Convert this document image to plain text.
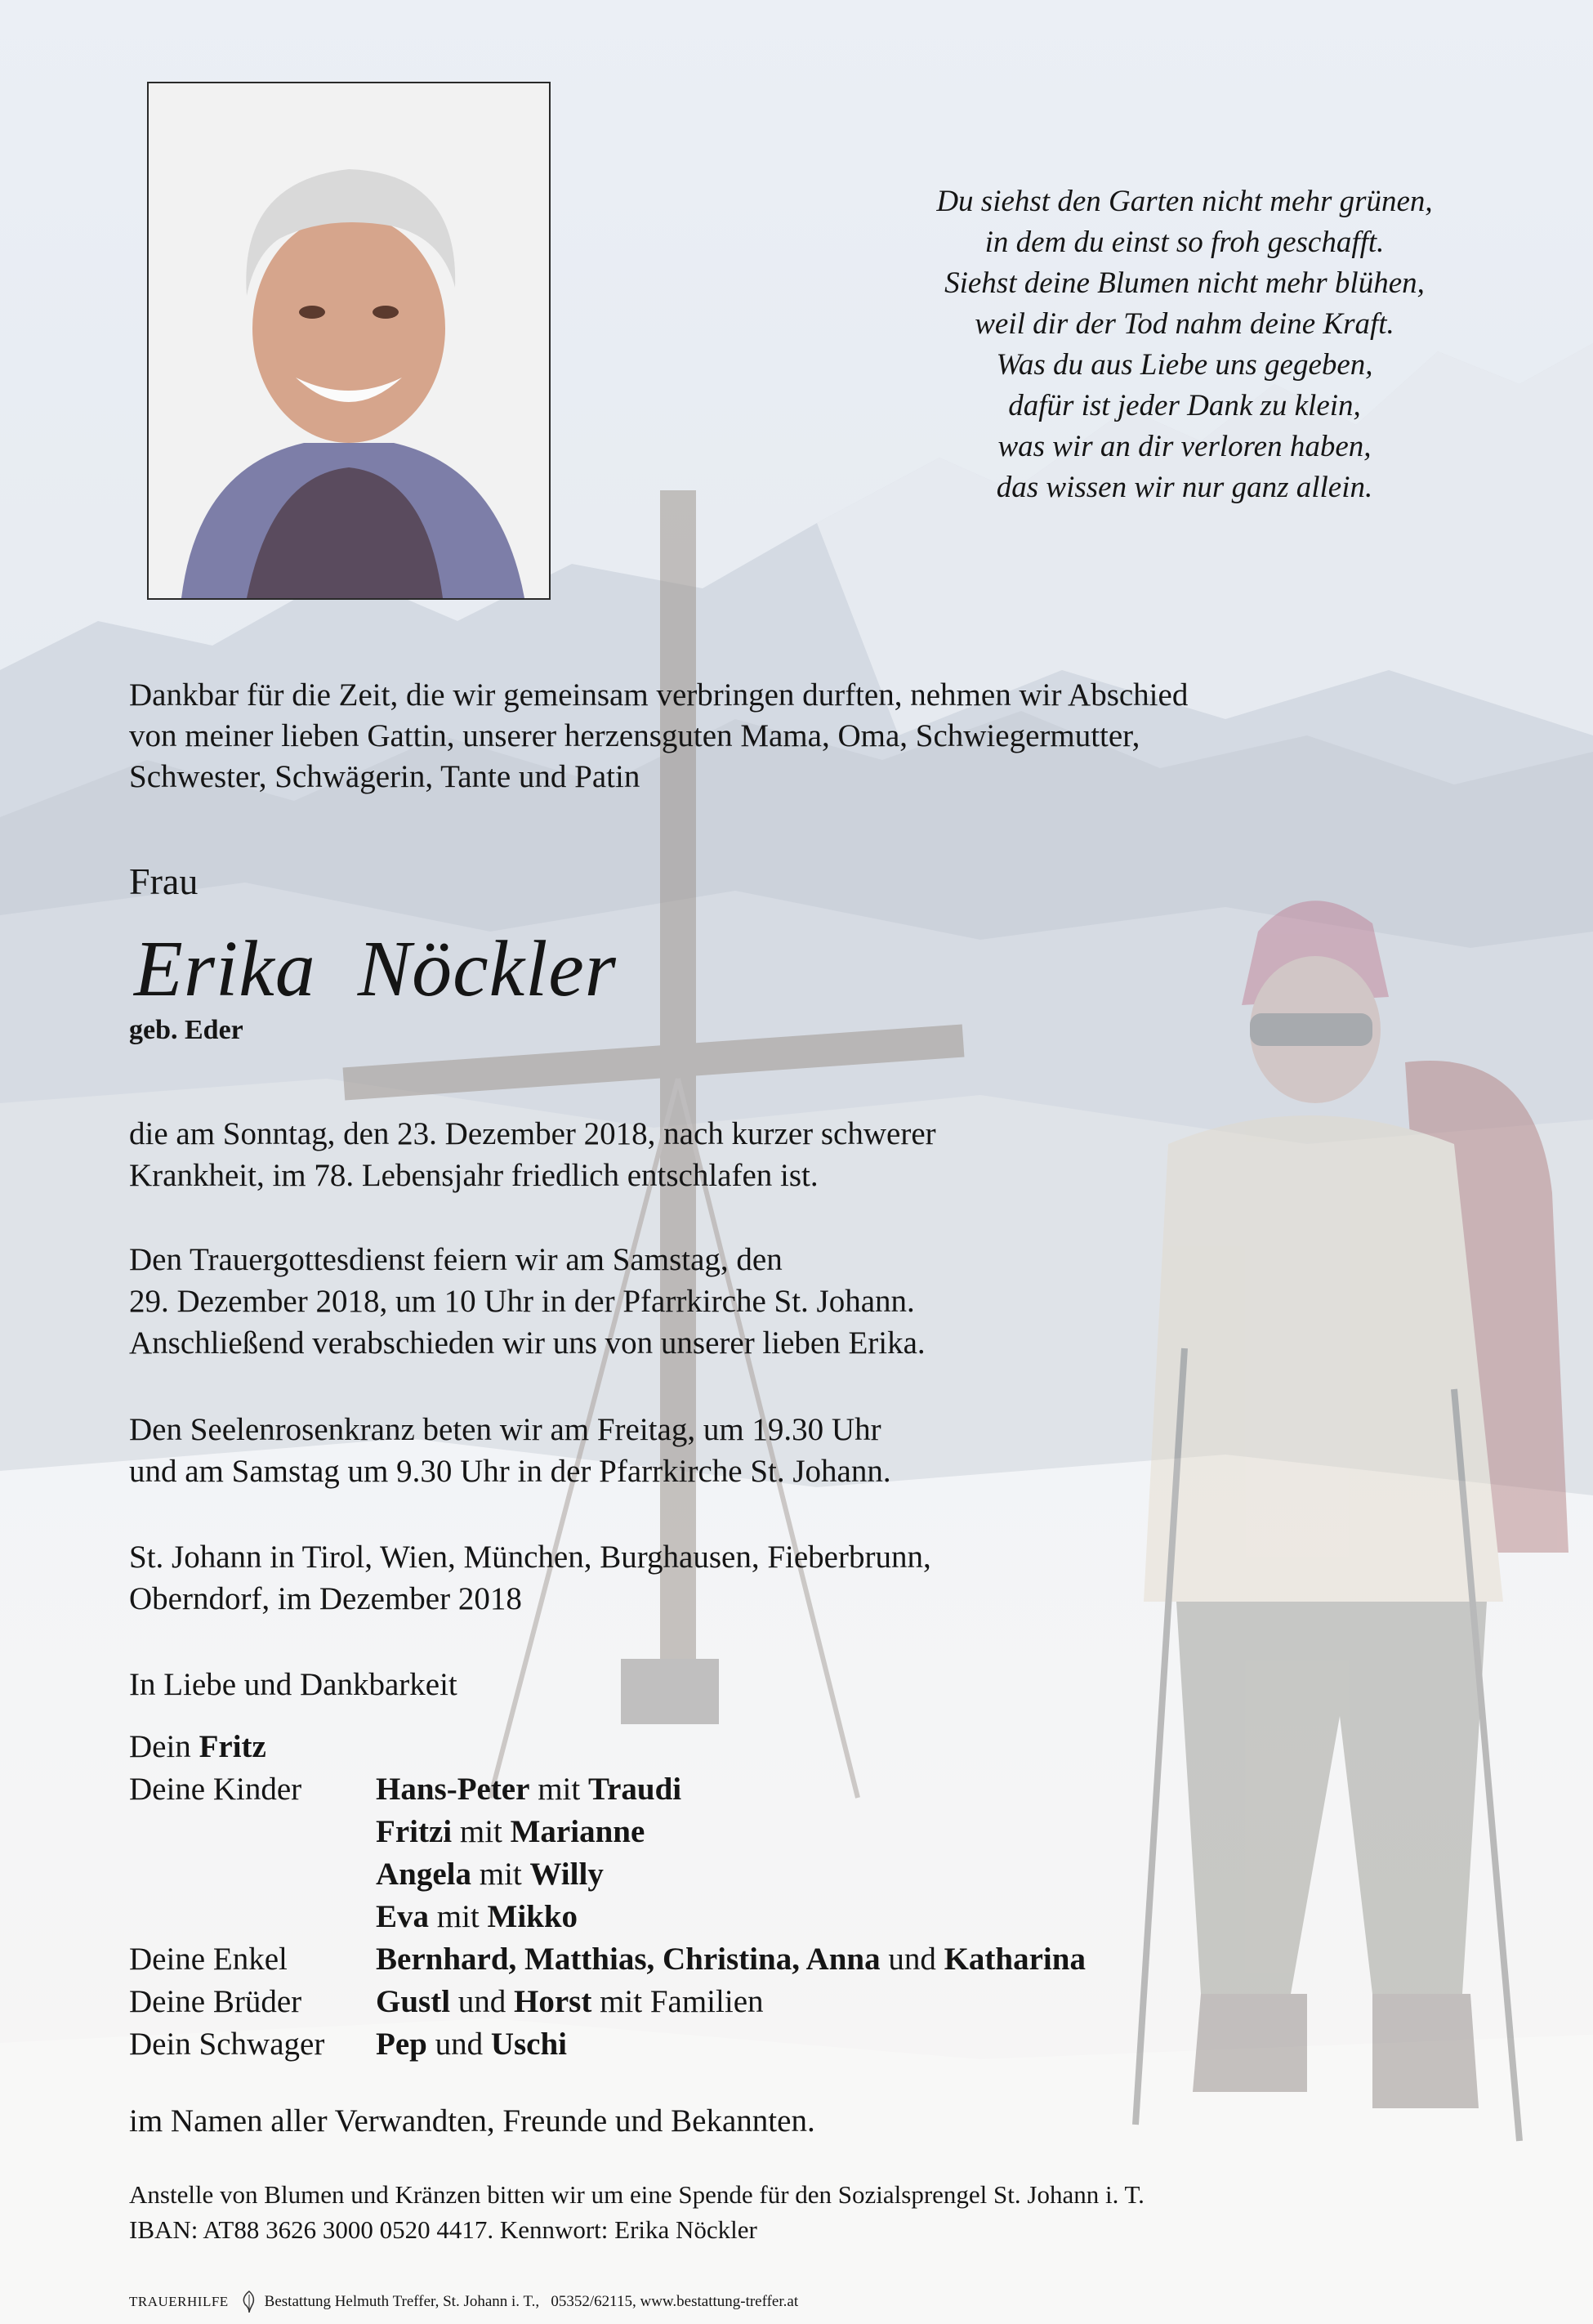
Du siehst den Garten nicht mehr grünen,
in dem du einst so froh geschafft.
Siehst deine Blumen nicht mehr blühen,
weil dir der Tod nahm deine Kraft.
Was du aus Liebe uns gegeben,
dafür ist jeder Dank zu klein,
was wir an dir verloren haben,
das wissen wir nur ganz allein.
Dankbar für die Zeit, die wir gemeinsam verbringen durften, nehmen wir Abschied
von meiner lieben Gattin, unserer herzensguten Mama, Oma, Schwiegermutter,
Schwester, Schwägerin, Tante und Patin
Frau
Erika  Nöckler
geb. Eder
die am Sonntag, den 23. Dezember 2018, nach kurzer schwerer
Krankheit, im 78. Lebensjahr friedlich entschlafen ist.
Den Trauergottesdienst feiern wir am Samstag, den
29. Dezember 2018, um 10 Uhr in der Pfarrkirche St. Johann.
Anschließend verabschieden wir uns von unserer lieben Erika.
Den Seelenrosenkranz beten wir am Freitag, um 19.30 Uhr
und am Samstag um 9.30 Uhr in der Pfarrkirche St. Johann.
St. Johann in Tirol, Wien, München, Burghausen, Fieberbrunn,
Oberndorf, im Dezember 2018
In Liebe und Dankbarkeit
Dein Fritz
Deine Kinder Hans-Peter mit Traudi
Fritzi mit Marianne
Angela mit Willy
Eva mit Mikko
Deine Enkel	Bernhard, Matthias, Christina, Anna und Katharina
Deine Brüder Gustl und Horst mit Familien
Dein Schwager Pep und Uschi
im Namen aller Verwandten, Freunde und Bekannten.
Anstelle von Blumen und Kränzen bitten wir um eine Spende für den Sozialsprengel St. Johann i. T.
IBAN: AT88 3626 3000 0520 4417. Kennwort: Erika Nöckler
TRAUERHILFE Bestattung Helmuth Treffer, St. Johann i. T.,   05352/62115, www.bestattung-treffer.at
